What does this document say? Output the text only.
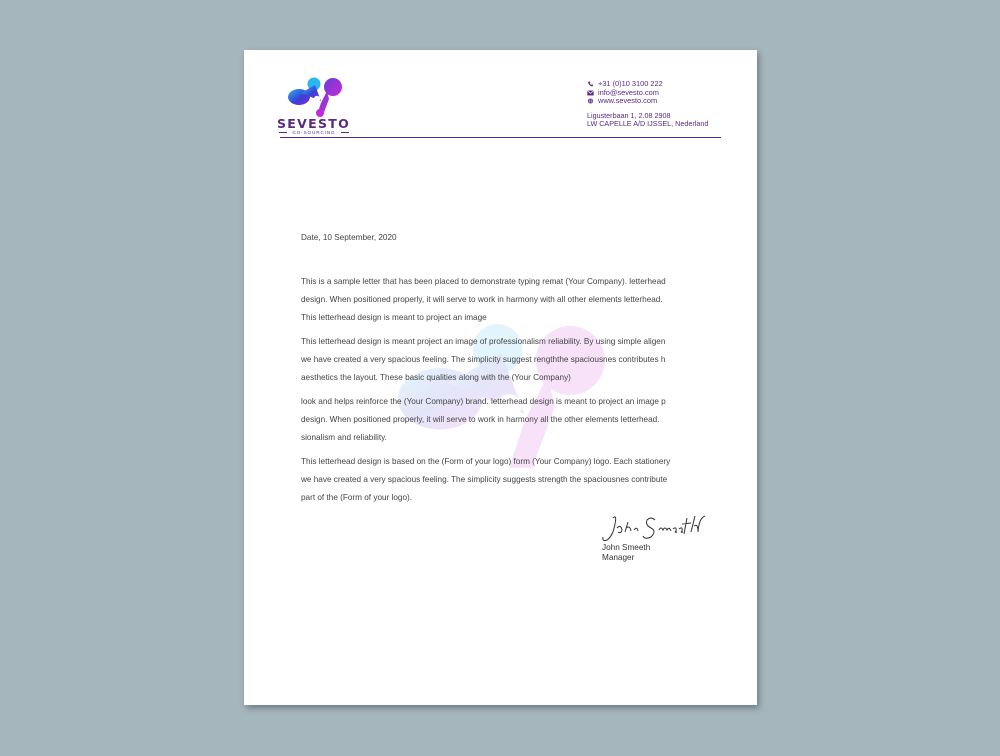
SEVESTO
CO-SOURCING
+31 (0)10 3100 222
info@sevesto.com
www.sevesto.com
Ligusterbaan 1, 2.08 2908
LW CAPELLE A/D IJSSEL, Nederland

Date, 10 September, 2020

This is a sample letter that has been placed to demonstrate typing remat (Your Company). letterhead
design. When positioned properly, it will serve to work in harmony with all other elements letterhead.
This letterhead design is meant to project an image
This letterhead design is meant project an image of professionalism reliability. By using simple aligen
we have created a very spacious feeling. The simplicity suggest rengththe spaciousnes contributes h
aesthetics the layout. These basic qualities along with the (Your Company)
look and helps reinforce the (Your Company) brand. letterhead design is meant to project an image p
design. When positioned properly, it will serve to work in harmony all the other elements letterhead.
sionalism and reliability.
This letterhead design is based on the (Form of your logo) form (Your Company) logo. Each stationery
we have created a very spacious feeling. The simplicity suggests strength the spaciousnes contribute
part of the (Form of your logo).
John Smeeth
Manager
